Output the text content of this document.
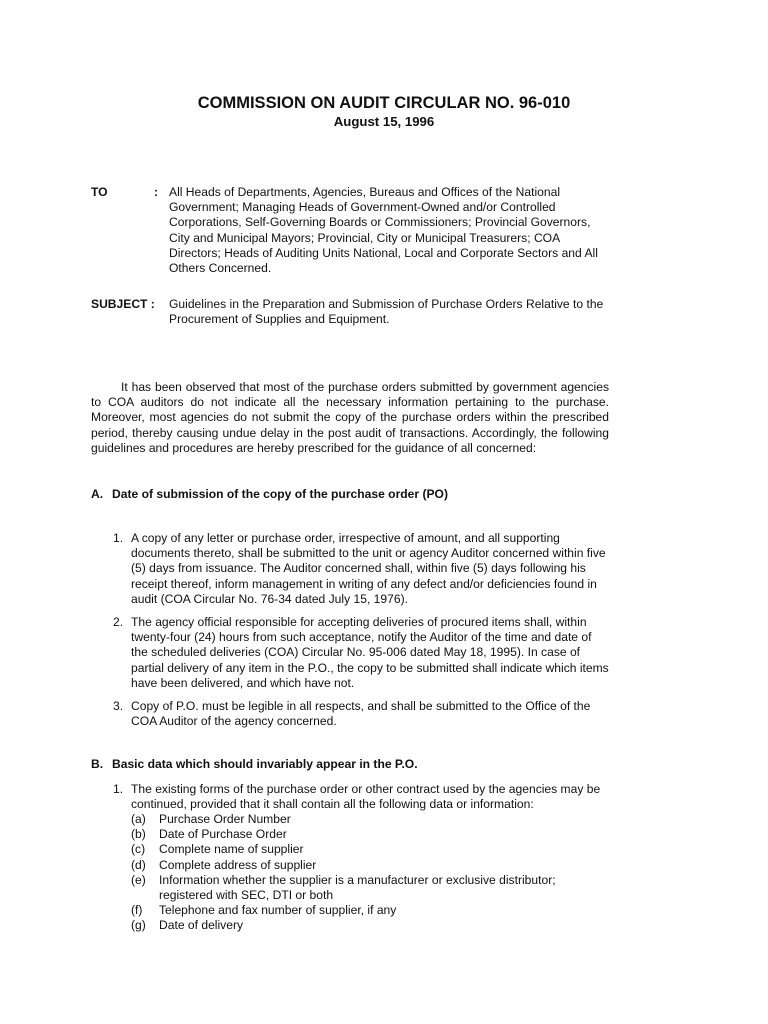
COMMISSION ON AUDIT CIRCULAR NO. 96-010
August 15, 1996
TO	: All Heads of Departments, Agencies, Bureaus and Offices of the National Government; Managing Heads of Government-Owned and/or Controlled Corporations, Self-Governing Boards or Commissioners; Provincial Governors, City and Municipal Mayors; Provincial, City or Municipal Treasurers; COA Directors; Heads of Auditing Units National, Local and Corporate Sectors and All Others Concerned.
SUBJECT : Guidelines in the Preparation and Submission of Purchase Orders Relative to the Procurement of Supplies and Equipment.
It has been observed that most of the purchase orders submitted by government agencies to COA auditors do not indicate all the necessary information pertaining to the purchase. Moreover, most agencies do not submit the copy of the purchase orders within the prescribed period, thereby causing undue delay in the post audit of transactions. Accordingly, the following guidelines and procedures are hereby prescribed for the guidance of all concerned:
A. Date of submission of the copy of the purchase order (PO)
1. A copy of any letter or purchase order, irrespective of amount, and all supporting documents thereto, shall be submitted to the unit or agency Auditor concerned within five (5) days from issuance. The Auditor concerned shall, within five (5) days following his receipt thereof, inform management in writing of any defect and/or deficiencies found in audit (COA Circular No. 76-34 dated July 15, 1976).
2. The agency official responsible for accepting deliveries of procured items shall, within twenty-four (24) hours from such acceptance, notify the Auditor of the time and date of the scheduled deliveries (COA) Circular No. 95-006 dated May 18, 1995). In case of partial delivery of any item in the P.O., the copy to be submitted shall indicate which items have been delivered, and which have not.
3. Copy of P.O. must be legible in all respects, and shall be submitted to the Office of the COA Auditor of the agency concerned.
B. Basic data which should invariably appear in the P.O.
1. The existing forms of the purchase order or other contract used by the agencies may be continued, provided that it shall contain all the following data or information:
(a)	Purchase Order Number
(b)	Date of Purchase Order
(c)	Complete name of supplier
(d)	Complete address of supplier
(e)	Information whether the supplier is a manufacturer or exclusive distributor; registered with SEC, DTI or both
(f)	Telephone and fax number of supplier, if any
(g)	Date of delivery
